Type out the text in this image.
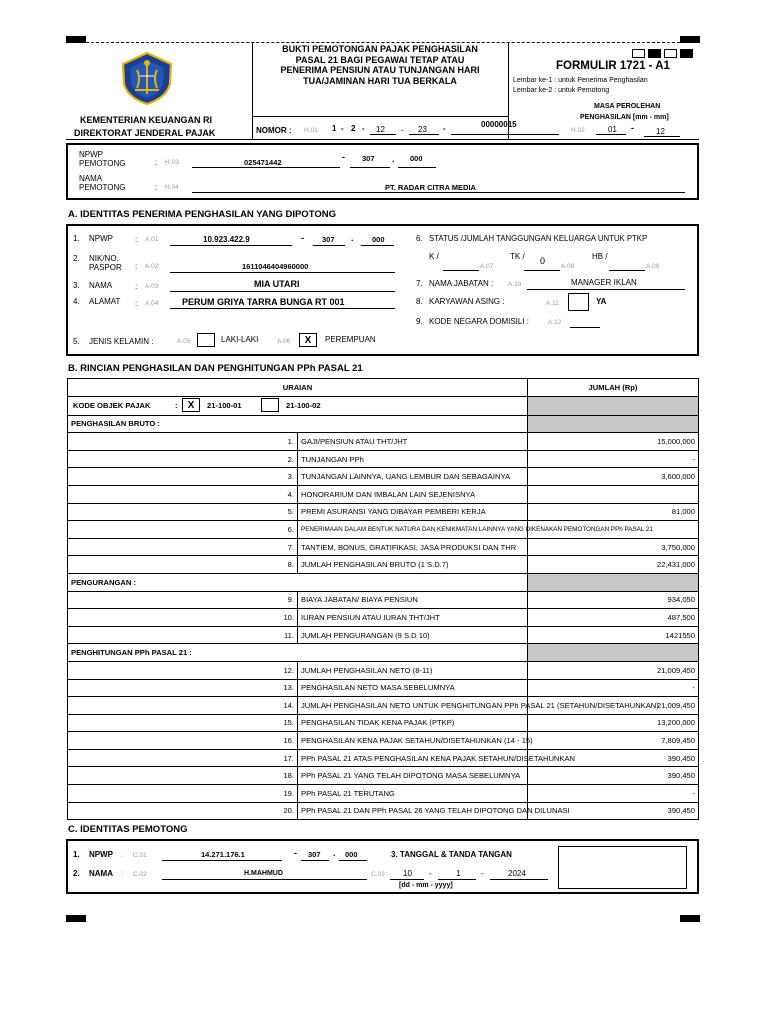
KEMENTERIAN KEUANGAN RI
DIREKTORAT JENDERAL PAJAK
BUKTI PEMOTONGAN PAJAK PENGHASILAN
PASAL 21 BAGI PEGAWAI TETAP ATAU
PENERIMA PENSIUN ATAU TUNJANGAN HARI
TUA/JAMINAN HARI TUA BERKALA
NOMOR : H.01 1 - 2 - 12 . 23 -	00000015
FORMULIR 1721 - A1
Lembar ke-1 : untuk Penerima Penghasilan
Lembar ke-2 : untuk Pemotong
MASA PEROLEHAN
PENGHASILAN [mm - mm]
H.02	01 -	12
NPWP
PEMOTONG	: H.03	025471442
- 307 . 000
NAMA
PEMOTONG	: H.04	PT. RADAR CITRA MEDIA
A. IDENTITAS PENERIMA PENGHASILAN YANG DIPOTONG
1. NPWP	: A.01	10.923.422.9	- 307 . 000
2. NIK/NO.
PASPOR : A.02	1611046404960000
3. NAMA	: A.03	MIA UTARI
4. ALAMAT : A.04	PERUM GRIYA TARRA BUNGA RT 001
5. JENIS KELAMIN :	A.05	LAKI-LAKI	A.06	X	PEREMPUAN
6. STATUS /JUMLAH TANGGUNGAN KELUARGA UNTUK PTKP
K /
A.07
TK / 0
A.08
HB /
A.09
7. NAMA JABATAN : A.10	MANAGER IKLAN
8. KARYAWAN ASING :	A.11	YA
9. KODE NEGARA DOMISILI :	A.12
B. RINCIAN PENGHASILAN DAN PENGHITUNGAN PPh PASAL 21
URAIAN		JUMLAH (Rp)

KODE OBJEK PAJAK : X 21-100-01 21-100-02		

PENGHASILAN BRUTO :		
1.	GAJI/PENSIUN ATAU THT/JHT	15,000,000
2.	TUNJANGAN PPh	-
3.	TUNJANGAN LAINNYA, UANG LEMBUR DAN SEBAGAINYA	3,600,000
4.	HONORARIUM DAN IMBALAN LAIN SEJENISNYA	
5.	PREMI ASURANSI YANG DIBAYAR PEMBERI KERJA	81,000
6.	PENERIMAAN DALAM BENTUK NATURA DAN KENIKMATAN LAINNYA YANG DIKENAKAN PEMOTONGAN PPh PASAL 21	
7.	TANTIEM, BONUS, GRATIFIKASI, JASA PRODUKSI DAN THR	3,750,000
8.	JUMLAH PENGHASILAN BRUTO (1 S.D.7)	22,431,000
PENGURANGAN :		
9.	BIAYA JABATAN/ BIAYA PENSIUN	934,050
10.	IURAN PENSIUN ATAU IURAN THT/JHT	487,500
11.	JUMLAH PENGURANGAN (9 S.D 10)	1421550
PENGHITUNGAN PPh PASAL 21 :		
12.	JUMLAH PENGHASILAN NETO (8-11)	21,009,450
13.	PENGHASILAN NETO MASA SEBELUMNYA	-
14.	JUMLAH PENGHASILAN NETO UNTUK PENGHITUNGAN PPh PASAL 21 (SETAHUN/DISETAHUNKAN)	21,009,450
15.	PENGHASILAN TIDAK KENA PAJAK (PTKP)	13,200,000
16.	PENGHASILAN KENA PAJAK SETAHUN/DISETAHUNKAN (14 - 15)	7,809,450
17.	PPh PASAL 21 ATAS PENGHASILAN KENA PAJAK SETAHUN/DISETAHUNKAN	390,450
18.	PPh PASAL 21 YANG TELAH DIPOTONG MASA SEBELUMNYA	390,450
19.	PPh PASAL 21 TERUTANG	-
20.	PPh PASAL 21 DAN PPh PASAL 26 YANG TELAH DIPOTONG DAN DILUNASI	390,450
C. IDENTITAS PEMOTONG
1. NPWP : C.01	14.271.176.1	- 307 . 000	3. TANGGAL & TANDA TANGAN
2. NAMA : C.02	H.MAHMUD	C.03 10 -	1	-	2024
[dd - mm - yyyy]
